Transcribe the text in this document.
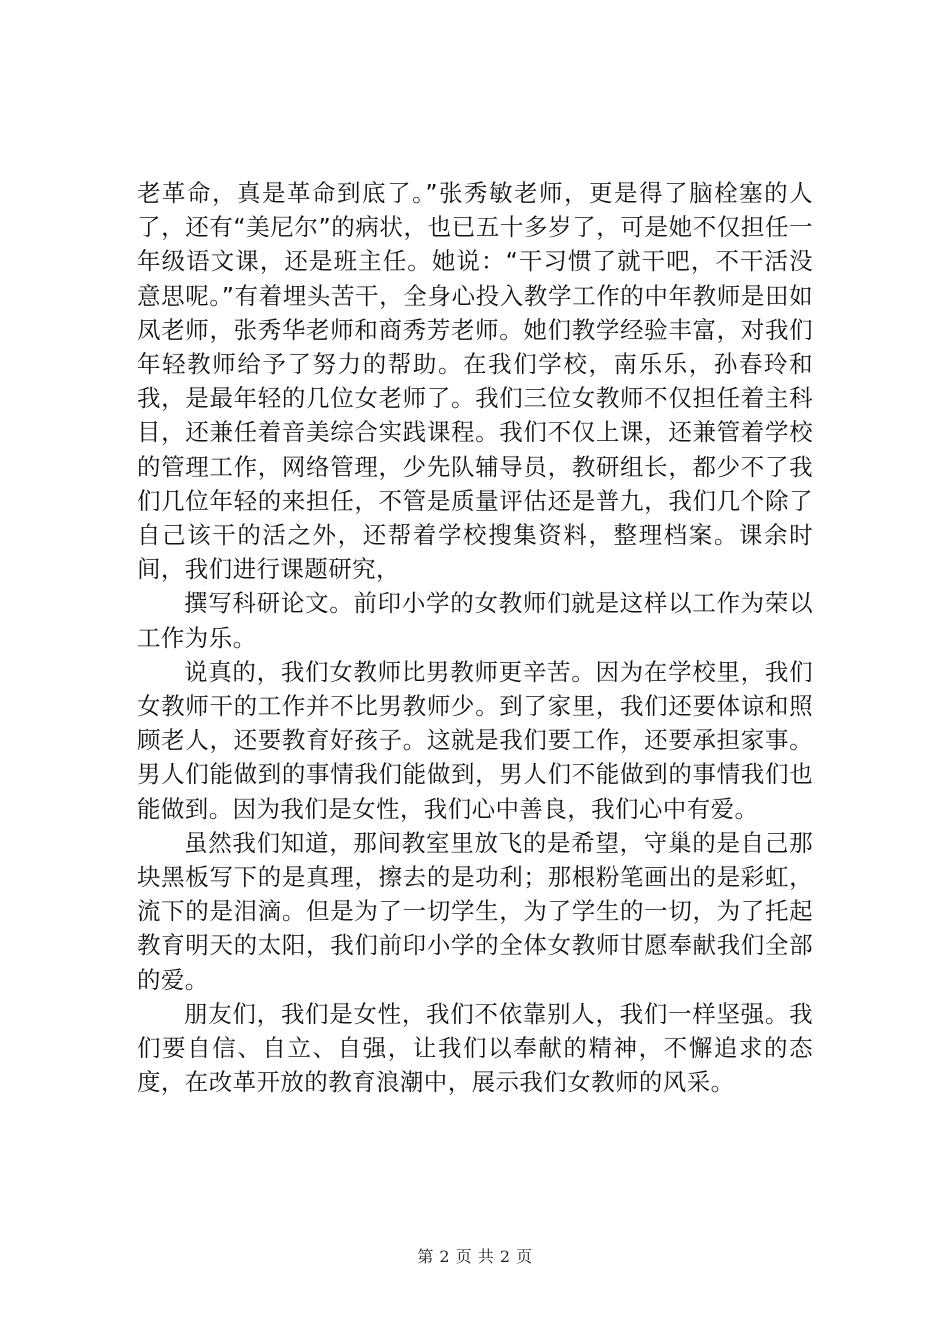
老革命，真是革命到底了。”张秀敏老师，更是得了脑栓塞的人了，还有“美尼尔”的病状，也已五十多岁了，可是她不仅担任一年级语文课，还是班主任。她说：“干习惯了就干吧，不干活没意思呢。”有着埋头苦干，全身心投入教学工作的中年教师是田如凤老师，张秀华老师和商秀芳老师。她们教学经验丰富，对我们年轻教师给予了努力的帮助。在我们学校，南乐乐，孙春玲和我，是最年轻的几位女老师了。我们三位女教师不仅担任着主科目，还兼任着音美综合实践课程。我们不仅上课，还兼管着学校的管理工作，网络管理，少先队辅导员，教研组长，都少不了我们几位年轻的来担任，不管是质量评估还是普九，我们几个除了自己该干的活之外，还帮着学校搜集资料，整理档案。课余时间，我们进行课题研究，

撰写科研论文。前印小学的女教师们就是这样以工作为荣以工作为乐。

说真的，我们女教师比男教师更辛苦。因为在学校里，我们女教师干的工作并不比男教师少。到了家里，我们还要体谅和照顾老人，还要教育好孩子。这就是我们要工作，还要承担家事。男人们能做到的事情我们能做到，男人们不能做到的事情我们也能做到。因为我们是女性，我们心中善良，我们心中有爱。

虽然我们知道，那间教室里放飞的是希望，守巢的是自己那块黑板写下的是真理，擦去的是功利；那根粉笔画出的是彩虹，流下的是泪滴。但是为了一切学生，为了学生的一切，为了托起教育明天的太阳，我们前印小学的全体女教师甘愿奉献我们全部的爱。

朋友们，我们是女性，我们不依靠别人，我们一样坚强。我们要自信、自立、自强，让我们以奉献的精神，不懈追求的态度，在改革开放的教育浪潮中，展示我们女教师的风采。

第 2 页 共 2 页
